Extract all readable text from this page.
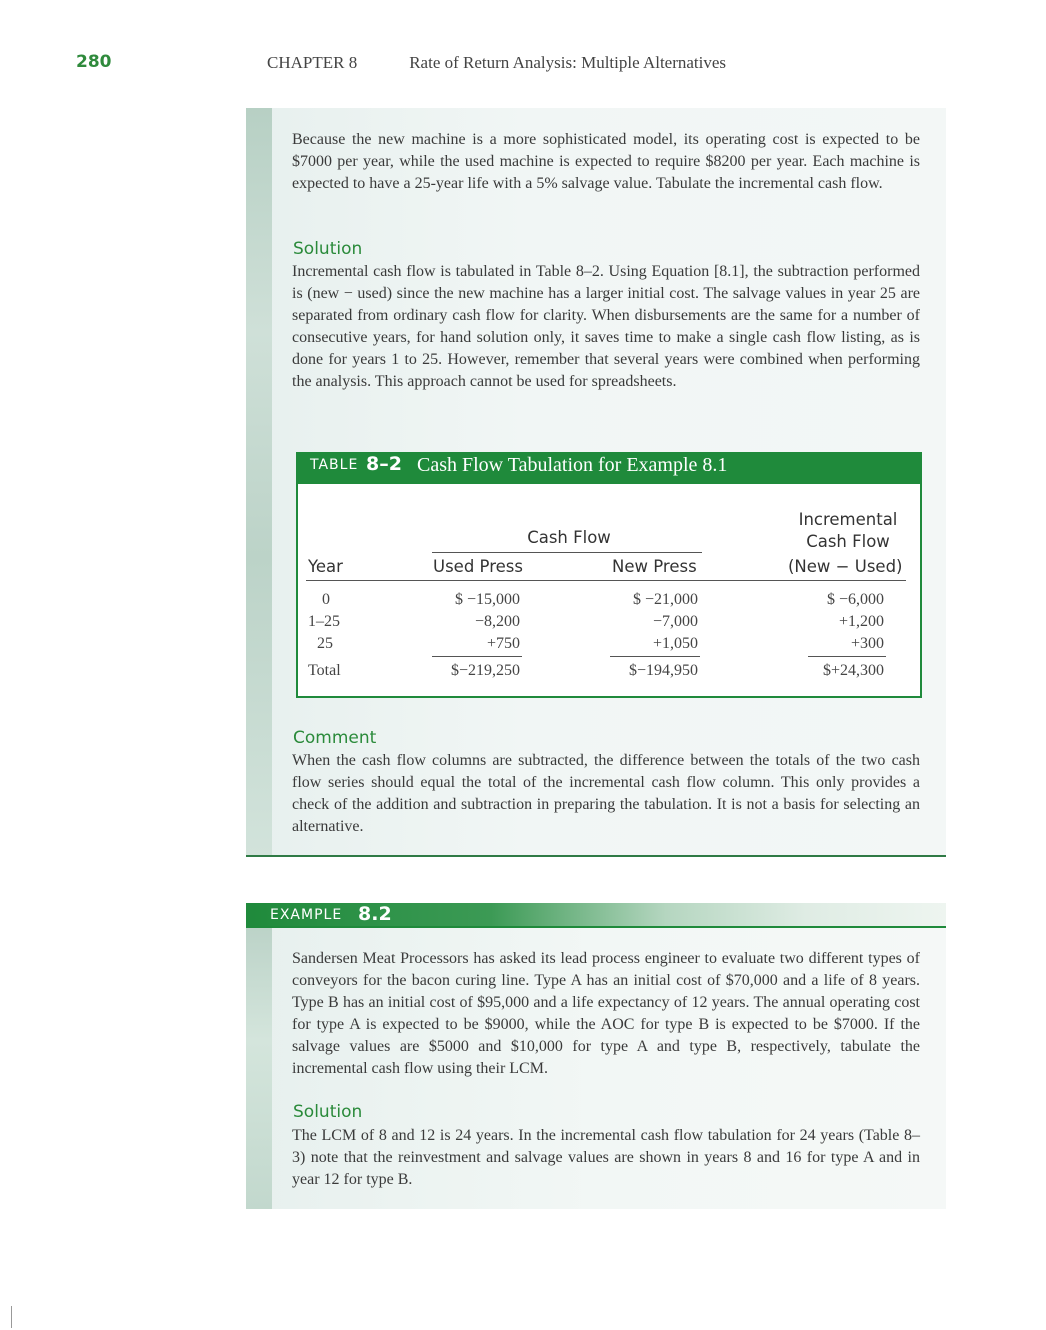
280	CHAPTER 8	Rate of Return Analysis: Multiple Alternatives
Because the new machine is a more sophisticated model, its operating cost is expected to be $7000 per year, while the used machine is expected to require $8200 per year. Each machine is expected to have a 25-year life with a 5% salvage value. Tabulate the incremental cash flow.
Solution
Incremental cash flow is tabulated in Table 8–2. Using Equation [8.1], the subtraction performed is (new − used) since the new machine has a larger initial cost. The salvage values in year 25 are separated from ordinary cash flow for clarity. When disbursements are the same for a number of consecutive years, for hand solution only, it saves time to make a single cash flow listing, as is done for years 1 to 25. However, remember that several years were combined when performing the analysis. This approach cannot be used for spreadsheets.
TABLE 8–2 Cash Flow Tabulation for Example 8.1
Incremental
Cash Flow	Cash Flow
Year	Used Press	New Press	(New − Used)
0	$ −15,000	$ −21,000	$ −6,000
1–25	−8,200	−7,000	+1,200
25	+750	+1,050	+300
Total	$−219,250	$−194,950	$+24,300
Comment
When the cash flow columns are subtracted, the difference between the totals of the two cash flow series should equal the total of the incremental cash flow column. This only provides a check of the addition and subtraction in preparing the tabulation. It is not a basis for selecting an alternative.
EXAMPLE 8.2
Sandersen Meat Processors has asked its lead process engineer to evaluate two different types of conveyors for the bacon curing line. Type A has an initial cost of $70,000 and a life of 8 years. Type B has an initial cost of $95,000 and a life expectancy of 12 years. The annual operating cost for type A is expected to be $9000, while the AOC for type B is expected to be $7000. If the salvage values are $5000 and $10,000 for type A and type B, respectively, tabulate the incremental cash flow using their LCM.
Solution
The LCM of 8 and 12 is 24 years. In the incremental cash flow tabulation for 24 years (Table 8–3) note that the reinvestment and salvage values are shown in years 8 and 16 for type A and in year 12 for type B.
